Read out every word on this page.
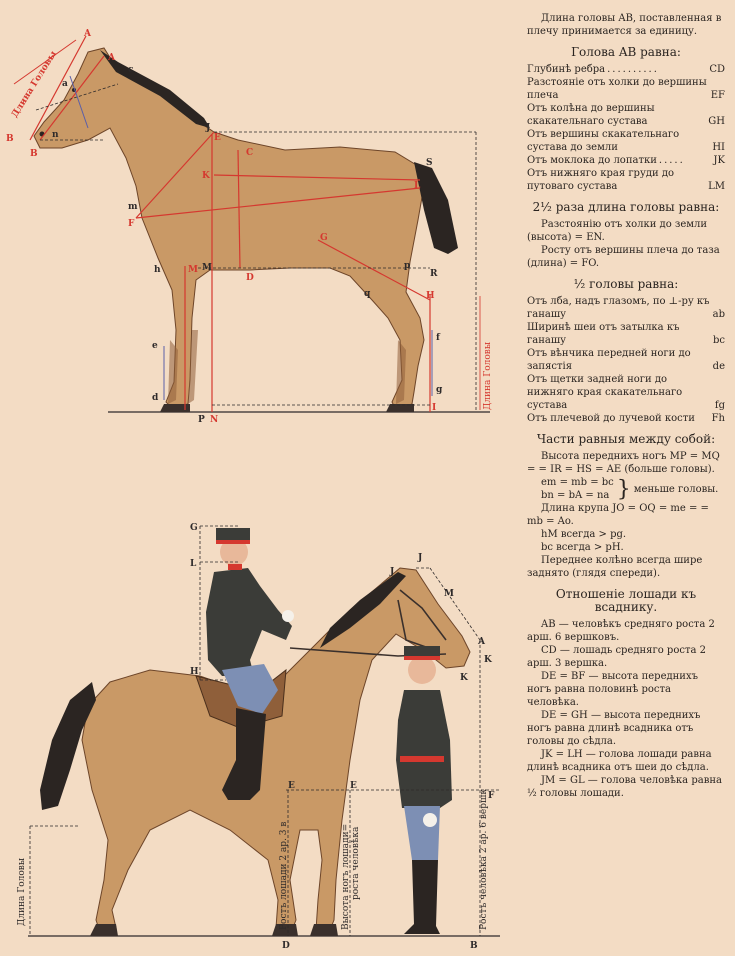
Длина Головы
Длина Головы
A
A
a
B
B
c
n
J
C
E
K
m
F
L
G
S
D
h	M M	p
R
q	H
e
d
P N
f
g
I
G
L
H
J
J
M
A
K
K
E	E
F
D	B
Ростъ лошади 2 ар. 3 в	Высота ногъ лошади= роста человѣка	Ростъ человѣка 2 ар. 6 вершк
Длина Головы

Длина головы AB, поставленная в плечу принимается за единицу.

Голова AB равна:

Глубинѣ ребра ..........	CD
Разстояніе отъ холки до вершины плеча	EF
Отъ колѣна до вершины скакательнаго сустава	GH
Отъ вершины скакательнаго сустава до земли	HI
Отъ моклока до лопатки .....	JK
Отъ нижняго края груди до путоваго сустава	LM

2½ раза длина головы равна:

Разстоянію отъ холки до земли (высота) = EN.

Росту отъ вершины плеча до таза (длина) = FO.

½ головы равна:

Отъ лба, надъ глазомъ, по ⊥-ру къ ганашу	ab
Ширинѣ шеи отъ затылка къ ганашу	bc
Отъ вѣнчика передней ноги до запястія	de
Отъ щетки задней ноги до нижняго края скакательнаго сустава	fg
Отъ плечевой до лучевой кости	Fh

Части равныя между собой:

Высота переднихъ ногъ MP = MQ = = IR = HS = AE (больше головы).

em = mb = bc

bn = bA = na } меньше головы.

Длина крупа JO = OQ = me = = mb = Ao.

hM всегда > pg.

bc всегда > pH.

Переднее колѣно всегда шире заднято (глядя спереди).

Отношеніе лошади къ всаднику.

AB — человѣкъ средняго роста 2 арш. 6 вершковъ.

CD — лошадь средняго роста 2 арш. 3 вершка.

DE = BF — высота переднихъ ногъ равна половинѣ роста человѣка.

DE = GH — высота переднихъ ногъ равна длинѣ всадника отъ головы до сѣдла.

JK = LH — голова лошади равна длинѣ всадника отъ шеи до сѣдла.

JM = GL — голова человѣка равна ½ головы лошади.
